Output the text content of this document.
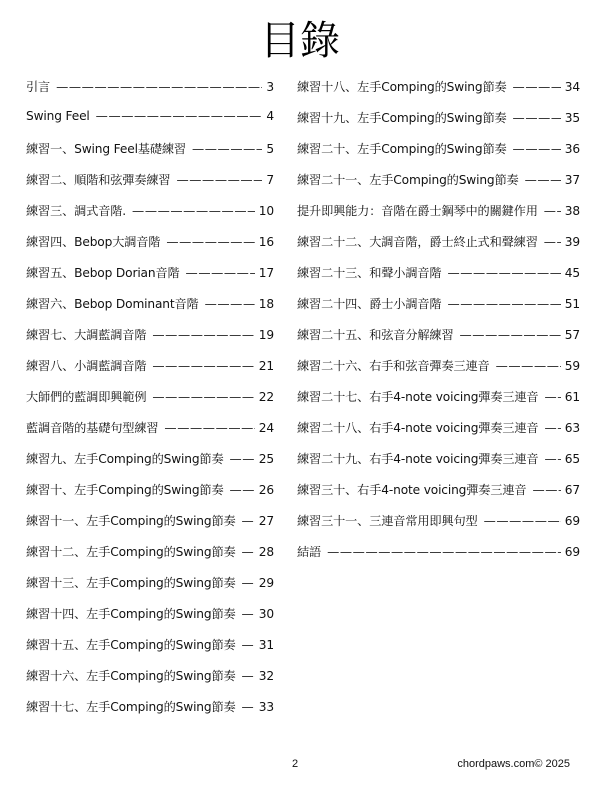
目錄
引言 —————	3
Swing Feel —————	4
練習一、Swing Feel基礎練習 —————	5
練習二、順階和弦彈奏練習 —————	7
練習三、調式音階. —————	10
練習四、Bebop大調音階 —————	16
練習五、Bebop Dorian音階 —————	17
練習六、Bebop Dominant音階 —————	18
練習七、大調藍調音階 —————	19
練習八、小調藍調音階 —————	21
大師們的藍調即興範例 —————	22
藍調音階的基礎句型練習 —————	24
練習九、左手Comping的Swing節奏 —————	25
練習十、左手Comping的Swing節奏 —————	26
練習十一、左手Comping的Swing節奏 ————— 27
練習十二、左手Comping的Swing節奏 ————— 28
練習十三、左手Comping的Swing節奏 ————— 29
練習十四、左手Comping的Swing節奏 ————— 30
練習十五、左手Comping的Swing節奏 ————— 31
練習十六、左手Comping的Swing節奏 ————— 32
練習十七、左手Comping的Swing節奏 ————— 33
練習十八、左手Comping的Swing節奏 —————	34
練習十九、左手Comping的Swing節奏 —————	35
練習二十、左手Comping的Swing節奏 —————	36
練習二十一、左手Comping的Swing節奏 —————	37
提升即興能力：音階在爵士鋼琴中的關鍵作用 ————— 38
練習二十二、大調音階，爵士終止式和聲練習 ————— 39
練習二十三、和聲小調音階 —————	45
練習二十四、爵士小調音階 —————	51
練習二十五、和弦音分解練習 —————	57
練習二十六、右手和弦音彈奏三連音 —————	59
練習二十七、右手4-note voicing彈奏三連音 ————— 61
練習二十八、右手4-note voicing彈奏三連音 ————— 63
練習二十九、右手4-note voicing彈奏三連音 ————— 65
練習三十、右手4-note voicing彈奏三連音 —————	67
練習三十一、三連音常用即興句型 —————	69
結語 —————	69
2	chordpaws.com© 2025
